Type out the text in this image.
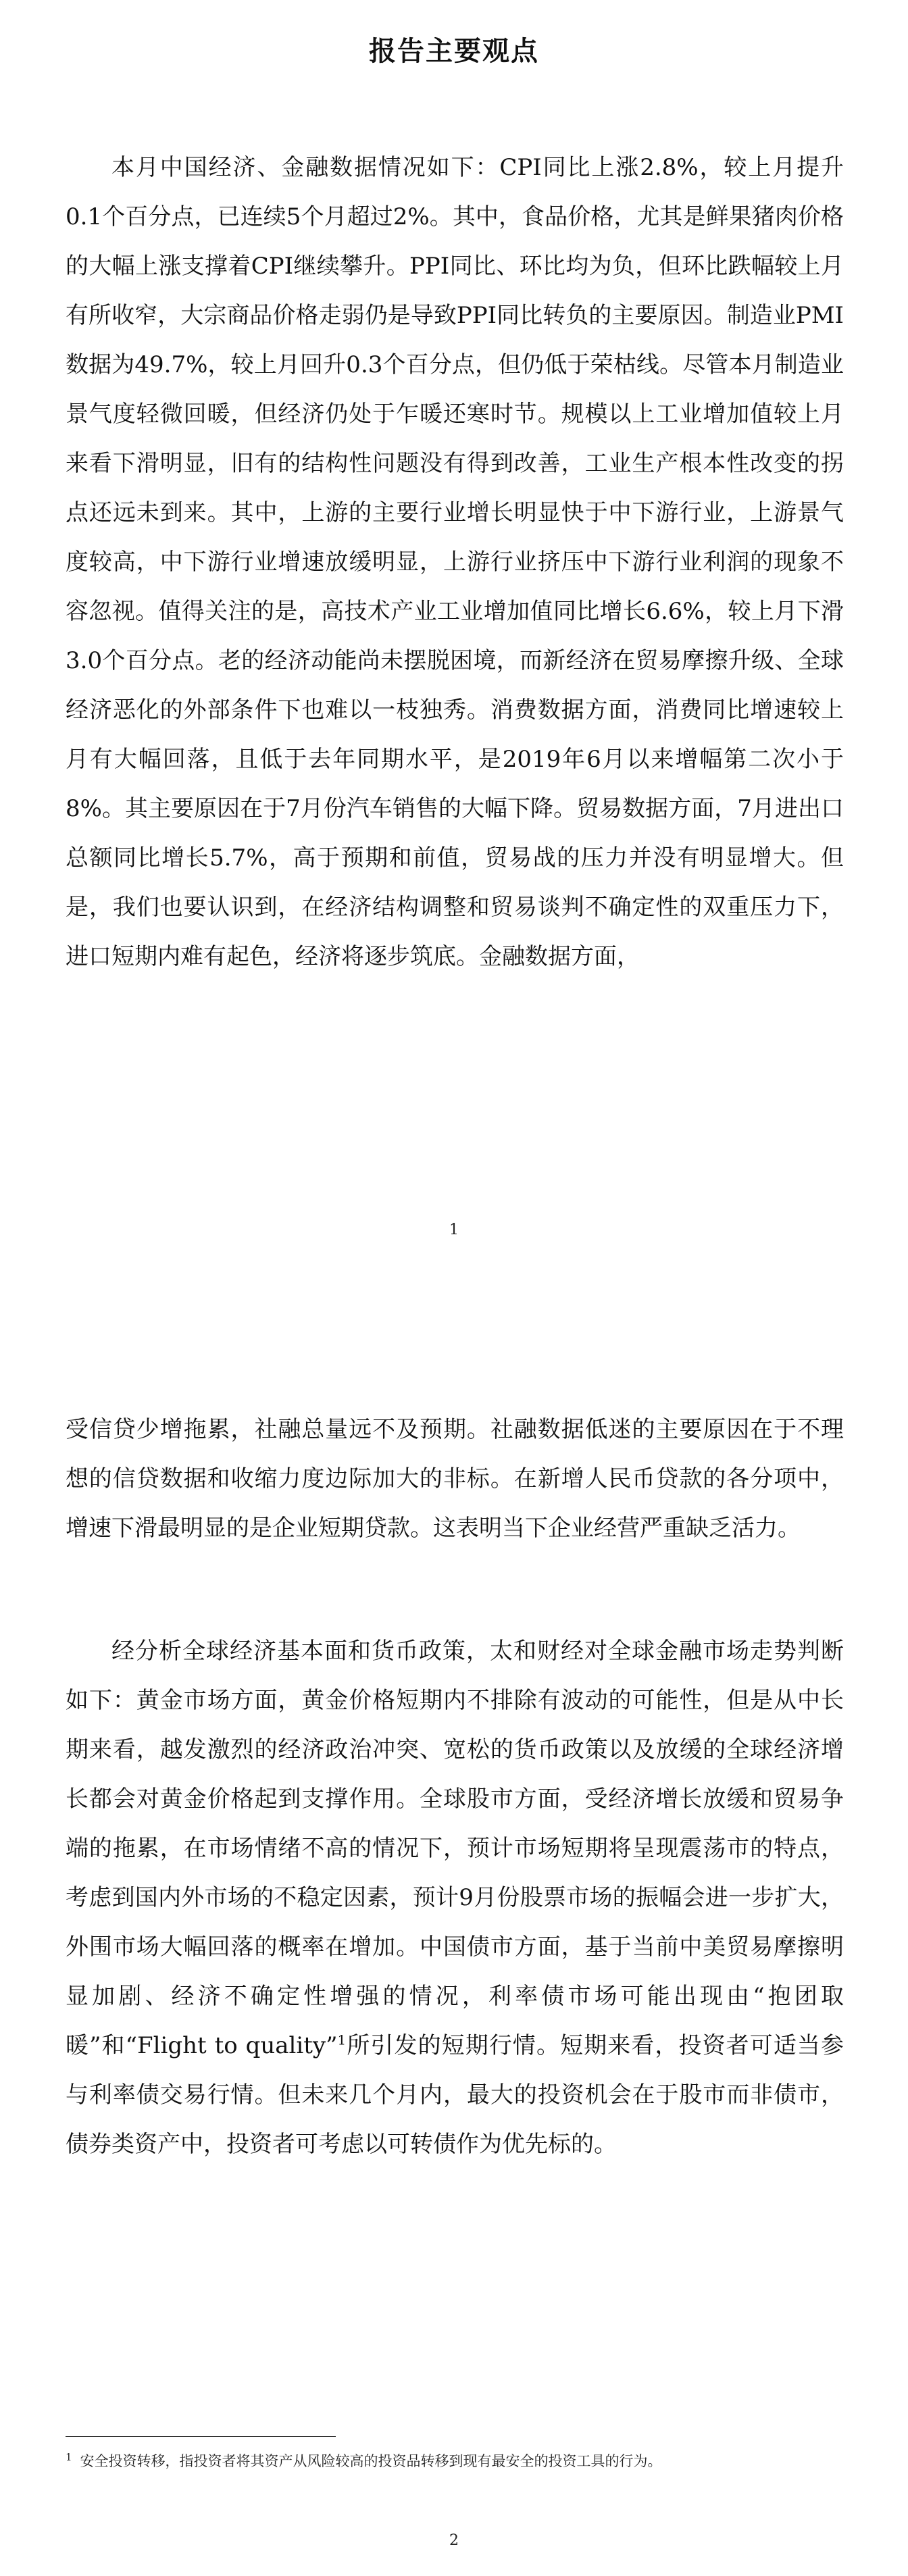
报告主要观点

本月中国经济、金融数据情况如下：CPI同比上涨2.8%，较上月提升0.1个百分点，已连续5个月超过2%。其中，食品价格，尤其是鲜果猪肉价格的大幅上涨支撑着CPI继续攀升。PPI同比、环比均为负，但环比跌幅较上月有所收窄，大宗商品价格走弱仍是导致PPI同比转负的主要原因。制造业PMI数据为49.7%，较上月回升0.3个百分点，但仍低于荣枯线。尽管本月制造业景气度轻微回暖，但经济仍处于乍暖还寒时节。规模以上工业增加值较上月来看下滑明显，旧有的结构性问题没有得到改善，工业生产根本性改变的拐点还远未到来。其中，上游的主要行业增长明显快于中下游行业，上游景气度较高，中下游行业增速放缓明显，上游行业挤压中下游行业利润的现象不容忽视。值得关注的是，高技术产业工业增加值同比增长6.6%，较上月下滑3.0个百分点。老的经济动能尚未摆脱困境，而新经济在贸易摩擦升级、全球经济恶化的外部条件下也难以一枝独秀。消费数据方面，消费同比增速较上月有大幅回落，且低于去年同期水平，是2019年6月以来增幅第二次小于8%。其主要原因在于7月份汽车销售的大幅下降。贸易数据方面，7月进出口总额同比增长5.7%，高于预期和前值，贸易战的压力并没有明显增大。但是，我们也要认识到，在经济结构调整和贸易谈判不确定性的双重压力下，进口短期内难有起色，经济将逐步筑底。金融数据方面，

1

受信贷少增拖累，社融总量远不及预期。社融数据低迷的主要原因在于不理想的信贷数据和收缩力度边际加大的非标。在新增人民币贷款的各分项中，增速下滑最明显的是企业短期贷款。这表明当下企业经营严重缺乏活力。

经分析全球经济基本面和货币政策，太和财经对全球金融市场走势判断如下：黄金市场方面，黄金价格短期内不排除有波动的可能性，但是从中长期来看，越发激烈的经济政治冲突、宽松的货币政策以及放缓的全球经济增长都会对黄金价格起到支撑作用。全球股市方面，受经济增长放缓和贸易争端的拖累，在市场情绪不高的情况下，预计市场短期将呈现震荡市的特点，考虑到国内外市场的不稳定因素，预计9月份股票市场的振幅会进一步扩大，外围市场大幅回落的概率在增加。中国债市方面，基于当前中美贸易摩擦明显加剧、经济不确定性增强的情况，利率债市场可能出现由“抱团取暖”和“Flight to quality”$^1$所引发的短期行情。短期来看，投资者可适当参与利率债交易行情。但未来几个月内，最大的投资机会在于股市而非债市，债券类资产中，投资者可考虑以可转债作为优先标的。

$^1$ 安全投资转移，指投资者将其资产从风险较高的投资品转移到现有最安全的投资工具的行为。
2
